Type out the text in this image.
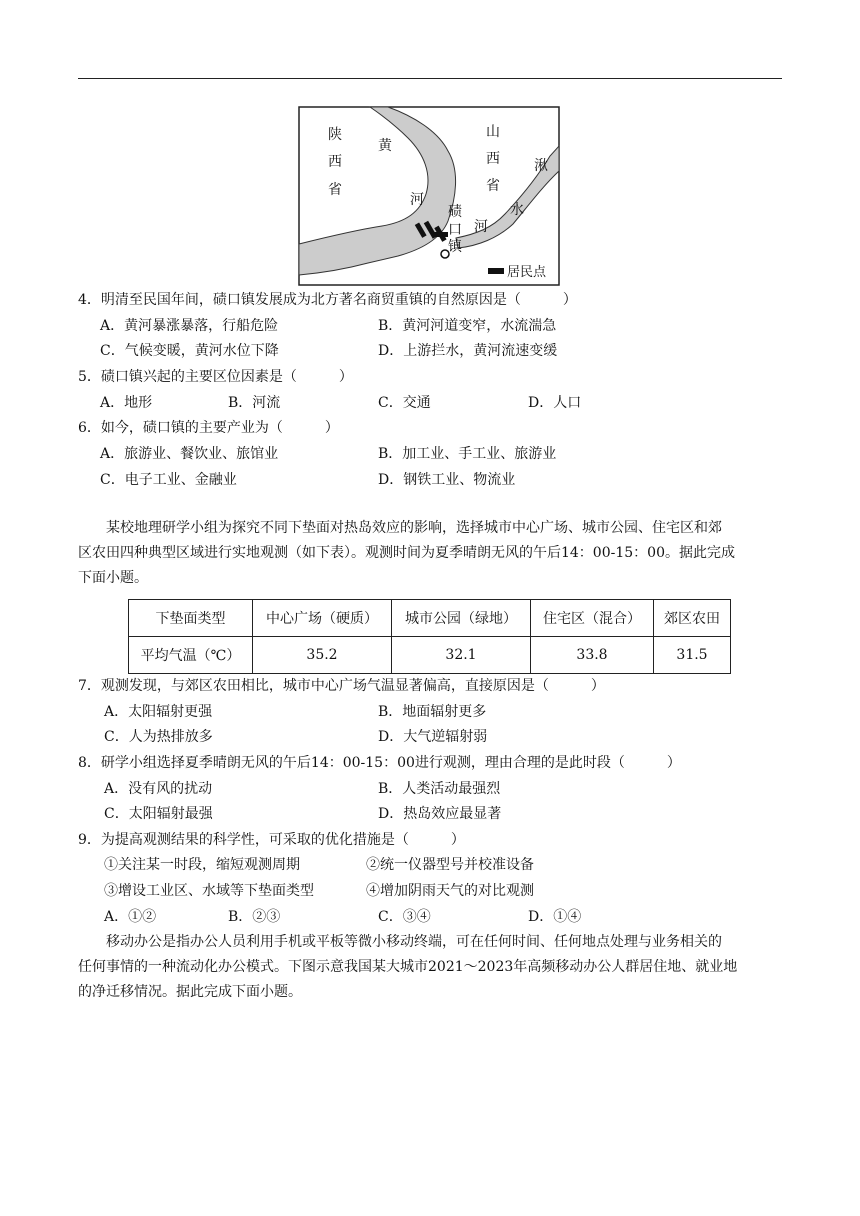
陕
西
省
黄
河
山
西
省
湫
水
河
碛
口
镇
居民点
4．明清至民国年间，碛口镇发展成为北方著名商贸重镇的自然原因是（　　　）
A．黄河暴涨暴落，行船危险	B．黄河河道变窄，水流湍急
C．气候变暖，黄河水位下降	D．上游拦水，黄河流速变缓
5．碛口镇兴起的主要区位因素是（　　　）
A．地形	B．河流	C．交通	D．人口
6．如今，碛口镇的主要产业为（　　　）
A．旅游业、餐饮业、旅馆业	B．加工业、手工业、旅游业
C．电子工业、金融业	D．钢铁工业、物流业
某校地理研学小组为探究不同下垫面对热岛效应的影响，选择城市中心广场、城市公园、住宅区和郊
区农田四种典型区域进行实地观测（如下表）。观测时间为夏季晴朗无风的午后14：00-15：00。据此完成
下面小题。
下垫面类型	中心广场（硬质）	城市公园（绿地）	住宅区（混合）	郊区农田
平均气温（℃）	35.2	32.1	33.8	31.5
7．观测发现，与郊区农田相比，城市中心广场气温显著偏高，直接原因是（　　　）
A．太阳辐射更强	B．地面辐射更多
C．人为热排放多	D．大气逆辐射弱
8．研学小组选择夏季晴朗无风的午后14：00-15：00进行观测，理由合理的是此时段（　　　）
A．没有风的扰动	B．人类活动最强烈
C．太阳辐射最强	D．热岛效应最显著
9．为提高观测结果的科学性，可采取的优化措施是（　　　）
①关注某一时段，缩短观测周期	②统一仪器型号并校准设备
③增设工业区、水域等下垫面类型	④增加阴雨天气的对比观测
A．①②	B．②③	C．③④	D．①④
移动办公是指办公人员利用手机或平板等微小移动终端，可在任何时间、任何地点处理与业务相关的
任何事情的一种流动化办公模式。下图示意我国某大城市2021～2023年高频移动办公人群居住地、就业地
的净迁移情况。据此完成下面小题。
